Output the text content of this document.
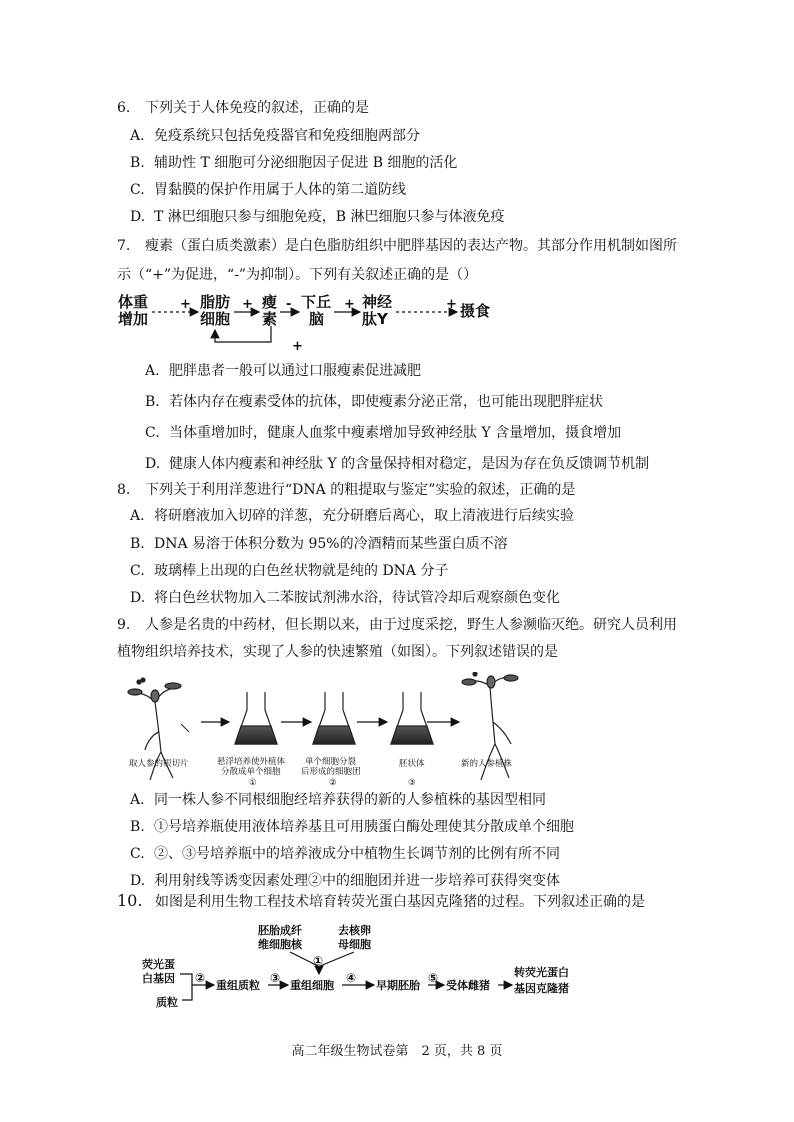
6. 下列关于人体免疫的叙述，正确的是
A. 免疫系统只包括免疫器官和免疫细胞两部分
B. 辅助性 T 细胞可分泌细胞因子促进 B 细胞的活化
C. 胃黏膜的保护作用属于人体的第二道防线
D. T 淋巴细胞只参与细胞免疫，B 淋巴细胞只参与体液免疫
7. 瘦素（蛋白质类激素）是白色脂肪组织中肥胖基因的表达产物。其部分作用机制如图所
示（“+”为促进，“-”为抑制）。下列有关叙述正确的是（）
体重
增加
脂肪
细胞
瘦
素
下丘
脑
神经
肽Y	摄食
+	+	-	+	+
+
A. 肥胖患者一般可以通过口服瘦素促进减肥
B. 若体内存在瘦素受体的抗体，即使瘦素分泌正常，也可能出现肥胖症状
C. 当体重增加时，健康人血浆中瘦素增加导致神经肽 Y 含量增加，摄食增加
D. 健康人体内瘦素和神经肽 Y 的含量保持相对稳定，是因为存在负反馈调节机制
8. 下列关于利用洋葱进行“DNA 的粗提取与鉴定”实验的叙述，正确的是
A. 将研磨液加入切碎的洋葱，充分研磨后离心，取上清液进行后续实验
B. DNA 易溶于体积分数为 95%的冷酒精而某些蛋白质不溶
C. 玻璃棒上出现的白色丝状物就是纯的 DNA 分子
D. 将白色丝状物加入二苯胺试剂沸水浴，待试管冷却后观察颜色变化
9. 人参是名贵的中药材，但长期以来，由于过度采挖，野生人参濒临灭绝。研究人员利用
植物组织培养技术，实现了人参的快速繁殖（如图）。下列叙述错误的是
取人参的根切片	悬浮培养使外植体
分散成单个细胞
①
单个细胞分裂
后形成的细胞团
②
胚状体
③
新的人参植株
A. 同一株人参不同根细胞经培养获得的新的人参植株的基因型相同
B. ①号培养瓶使用液体培养基且可用胰蛋白酶处理使其分散成单个细胞
C. ②、③号培养瓶中的培养液成分中植物生长调节剂的比例有所不同
D. 利用射线等诱变因素处理②中的细胞团并进一步培养可获得突变体
10. 如图是利用生物工程技术培育转荧光蛋白基因克隆猪的过程。下列叙述正确的是
荧光蛋
白基因
质粒
胚胎成纤
维细胞核
去核卵
母细胞
重组质粒	重组细胞	早期胚胎 受体雌猪
转荧光蛋白
基因克隆猪
①
②	③	④	⑤
高二年级生物试卷第　2 页，共 8 页
